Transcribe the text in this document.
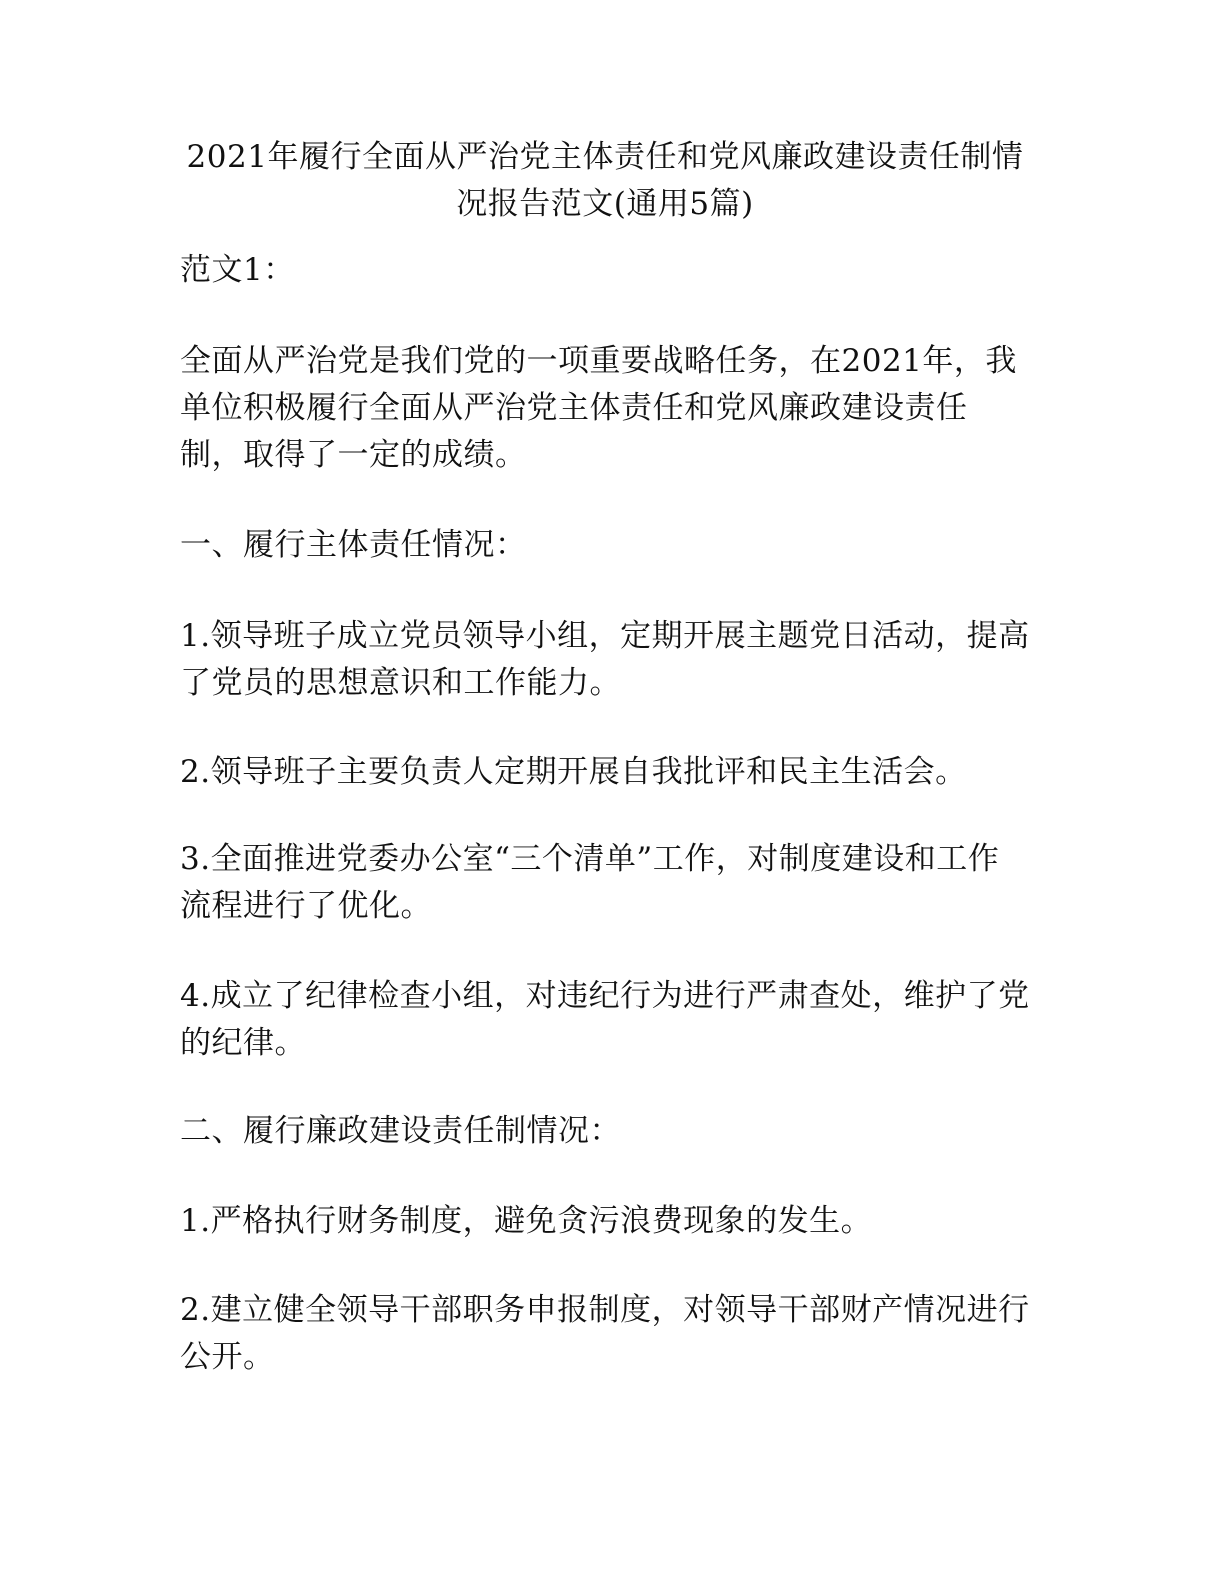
2021年履行全面从严治党主体责任和党风廉政建设责任制情况报告范文(通用5篇)

范文1：

全面从严治党是我们党的一项重要战略任务，在2021年，我单位积极履行全面从严治党主体责任和党风廉政建设责任制，取得了一定的成绩。

一、履行主体责任情况：

1.领导班子成立党员领导小组，定期开展主题党日活动，提高了党员的思想意识和工作能力。

2.领导班子主要负责人定期开展自我批评和民主生活会。

3.全面推进党委办公室“三个清单”工作，对制度建设和工作流程进行了优化。

4.成立了纪律检查小组，对违纪行为进行严肃查处，维护了党的纪律。

二、履行廉政建设责任制情况：

1.严格执行财务制度，避免贪污浪费现象的发生。

2.建立健全领导干部职务申报制度，对领导干部财产情况进行公开。
